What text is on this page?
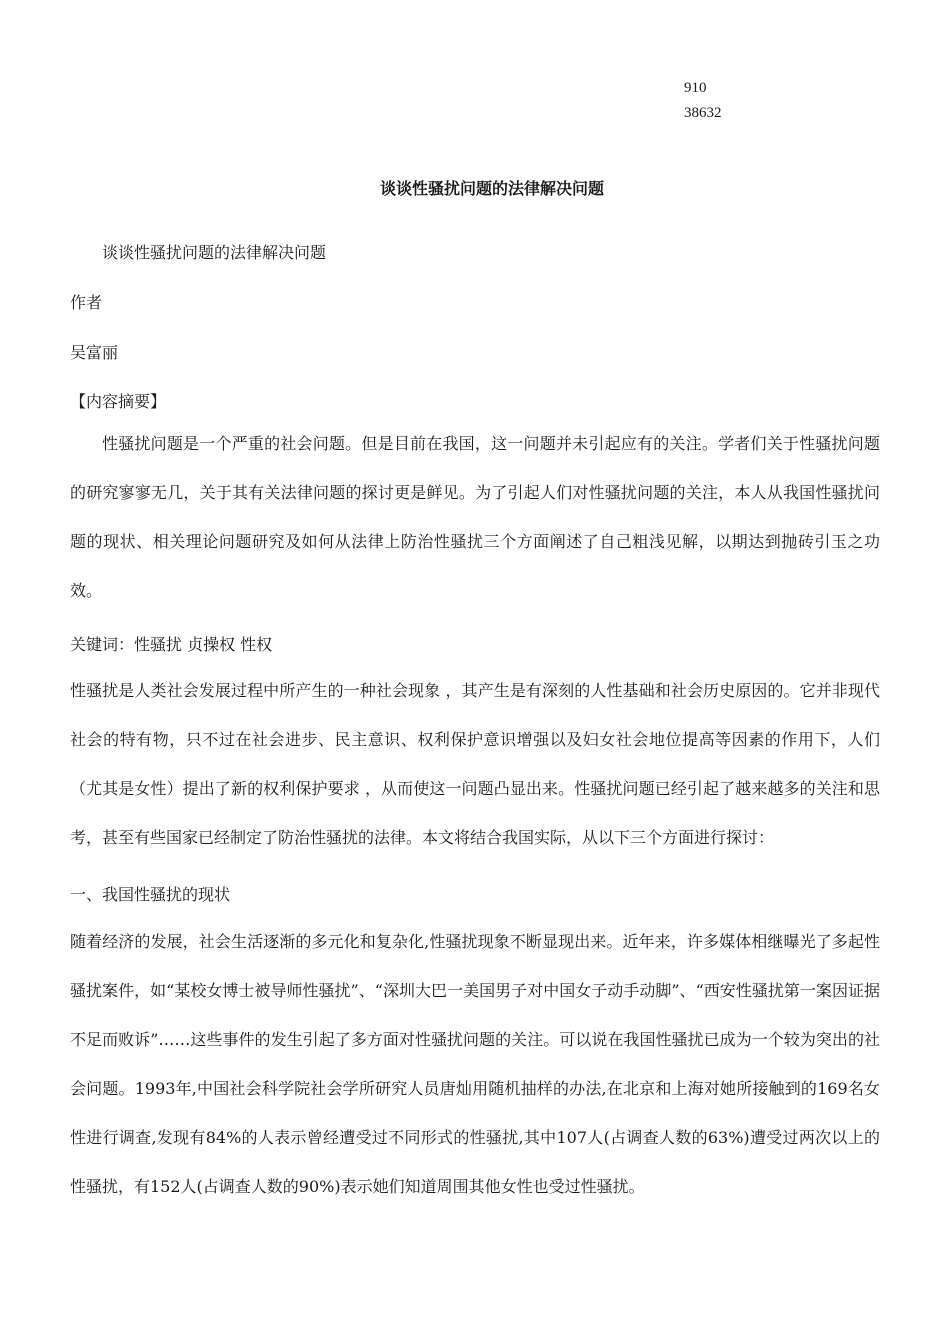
910
38632
谈谈性骚扰问题的法律解决问题
谈谈性骚扰问题的法律解决问题
作者
吴富丽
【内容摘要】
性骚扰问题是一个严重的社会问题。但是目前在我国，这一问题并未引起应有的关注。学者们关于性骚扰问题的研究寥寥无几，关于其有关法律问题的探讨更是鲜见。为了引起人们对性骚扰问题的关注，本人从我国性骚扰问题的现状、相关理论问题研究及如何从法律上防治性骚扰三个方面阐述了自己粗浅见解，以期达到抛砖引玉之功效。
关键词：性骚扰 贞操权 性权
性骚扰是人类社会发展过程中所产生的一种社会现象 ，其产生是有深刻的人性基础和社会历史原因的。它并非现代社会的特有物，只不过在社会进步、民主意识、权利保护意识增强以及妇女社会地位提高等因素的作用下，人们（尤其是女性）提出了新的权利保护要求 ，从而使这一问题凸显出来。性骚扰问题已经引起了越来越多的关注和思考，甚至有些国家已经制定了防治性骚扰的法律。本文将结合我国实际，从以下三个方面进行探讨：
一、我国性骚扰的现状
随着经济的发展，社会生活逐渐的多元化和复杂化,性骚扰现象不断显现出来。近年来，许多媒体相继曝光了多起性骚扰案件，如“某校女博士被导师性骚扰”、“深圳大巴一美国男子对中国女子动手动脚”、“西安性骚扰第一案因证据不足而败诉”……这些事件的发生引起了多方面对性骚扰问题的关注。可以说在我国性骚扰已成为一个较为突出的社会问题。1993年,中国社会科学院社会学所研究人员唐灿用随机抽样的办法,在北京和上海对她所接触到的169名女性进行调查,发现有84%的人表示曾经遭受过不同形式的性骚扰,其中107人(占调查人数的63%)遭受过两次以上的性骚扰，有152人(占调查人数的90%)表示她们知道周围其他女性也受过性骚扰。
